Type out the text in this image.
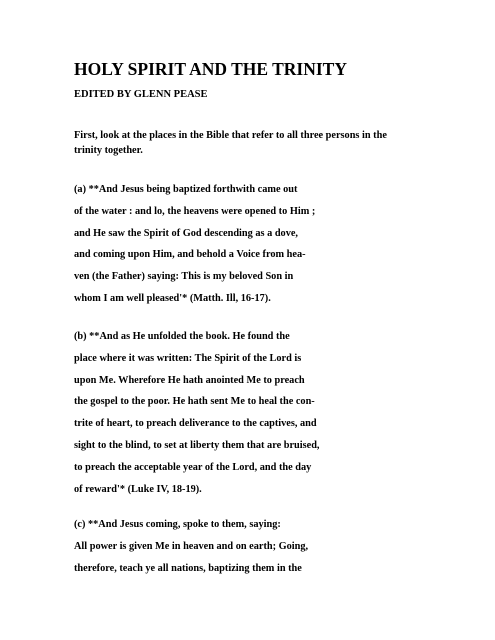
HOLY SPIRIT AND THE TRINITY
EDITED BY GLENN PEASE

First, look at the places in the Bible that refer to all three persons in the trinity together.

(a) **And Jesus being baptized forthwith came out
of the water : and lo, the heavens were opened to Him ;
and He saw the Spirit of God descending as a dove,
and coming upon Him, and behold a Voice from hea-
ven (the Father) saying: This is my beloved Son in
whom I am well pleased'* (Matth. Ill, 16-17).
(b) **And as He unfolded the book. He found the
place where it was written: The Spirit of the Lord is
upon Me. Wherefore He hath anointed Me to preach
the gospel to the poor. He hath sent Me to heal the con-
trite of heart, to preach deliverance to the captives, and
sight to the blind, to set at liberty them that are bruised,
to preach the acceptable year of the Lord, and the day
of reward'* (Luke IV, 18-19).
(c) **And Jesus coming, spoke to them, saying:
All power is given Me in heaven and on earth; Going,
therefore, teach ye all nations, baptizing them in the
